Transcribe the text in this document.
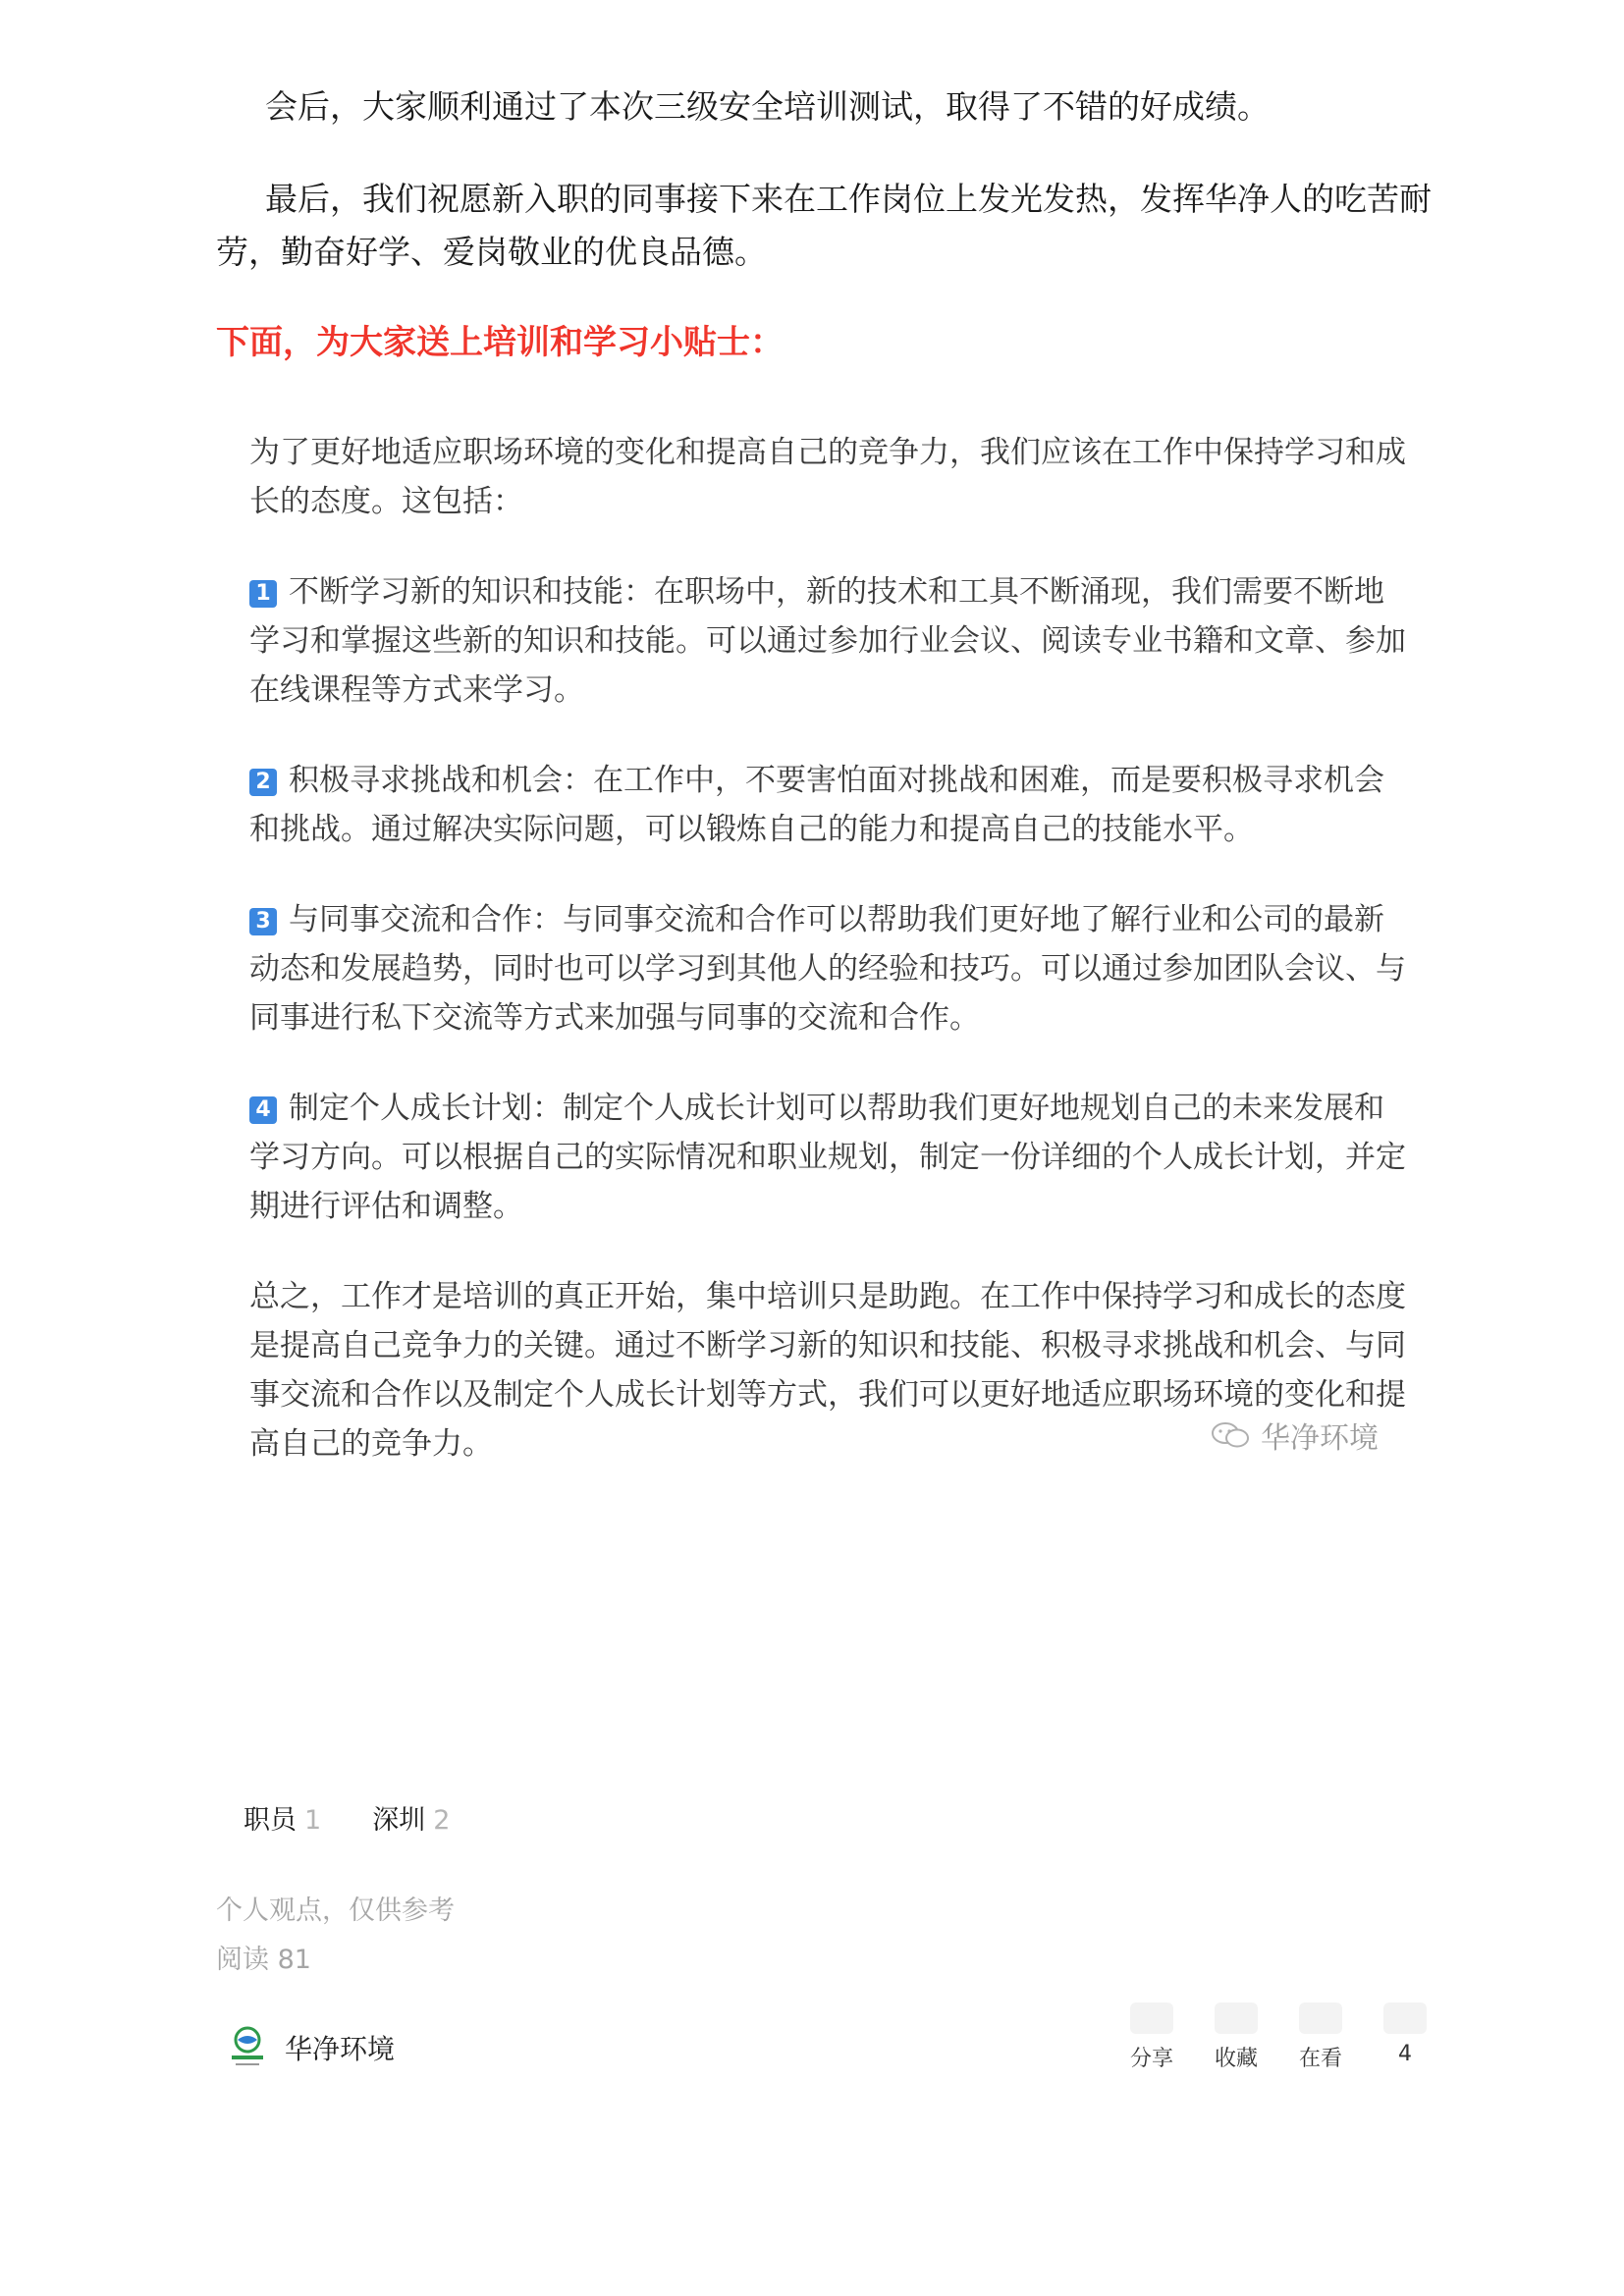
会后，大家顺利通过了本次三级安全培训测试，取得了不错的好成绩。

最后，我们祝愿新入职的同事接下来在工作岗位上发光发热，发挥华净人的吃苦耐劳，勤奋好学、爱岗敬业的优良品德。

下面，为大家送上培训和学习小贴士：

为了更好地适应职场环境的变化和提高自己的竞争力，我们应该在工作中保持学习和成长的态度。这包括：

1 不断学习新的知识和技能：在职场中，新的技术和工具不断涌现，我们需要不断地学习和掌握这些新的知识和技能。可以通过参加行业会议、阅读专业书籍和文章、参加在线课程等方式来学习。

2 积极寻求挑战和机会：在工作中，不要害怕面对挑战和困难，而是要积极寻求机会和挑战。通过解决实际问题，可以锻炼自己的能力和提高自己的技能水平。

3 与同事交流和合作：与同事交流和合作可以帮助我们更好地了解行业和公司的最新动态和发展趋势，同时也可以学习到其他人的经验和技巧。可以通过参加团队会议、与同事进行私下交流等方式来加强与同事的交流和合作。

4 制定个人成长计划：制定个人成长计划可以帮助我们更好地规划自己的未来发展和学习方向。可以根据自己的实际情况和职业规划，制定一份详细的个人成长计划，并定期进行评估和调整。

总之，工作才是培训的真正开始，集中培训只是助跑。在工作中保持学习和成长的态度是提高自己竞争力的关键。通过不断学习新的知识和技能、积极寻求挑战和机会、与同事交流和合作以及制定个人成长计划等方式，我们可以更好地适应职场环境的变化和提高自己的竞争力。	华净环境
职员 1 深圳 2
个人观点，仅供参考
阅读 81
华净环境	分享 收藏 在看	4
